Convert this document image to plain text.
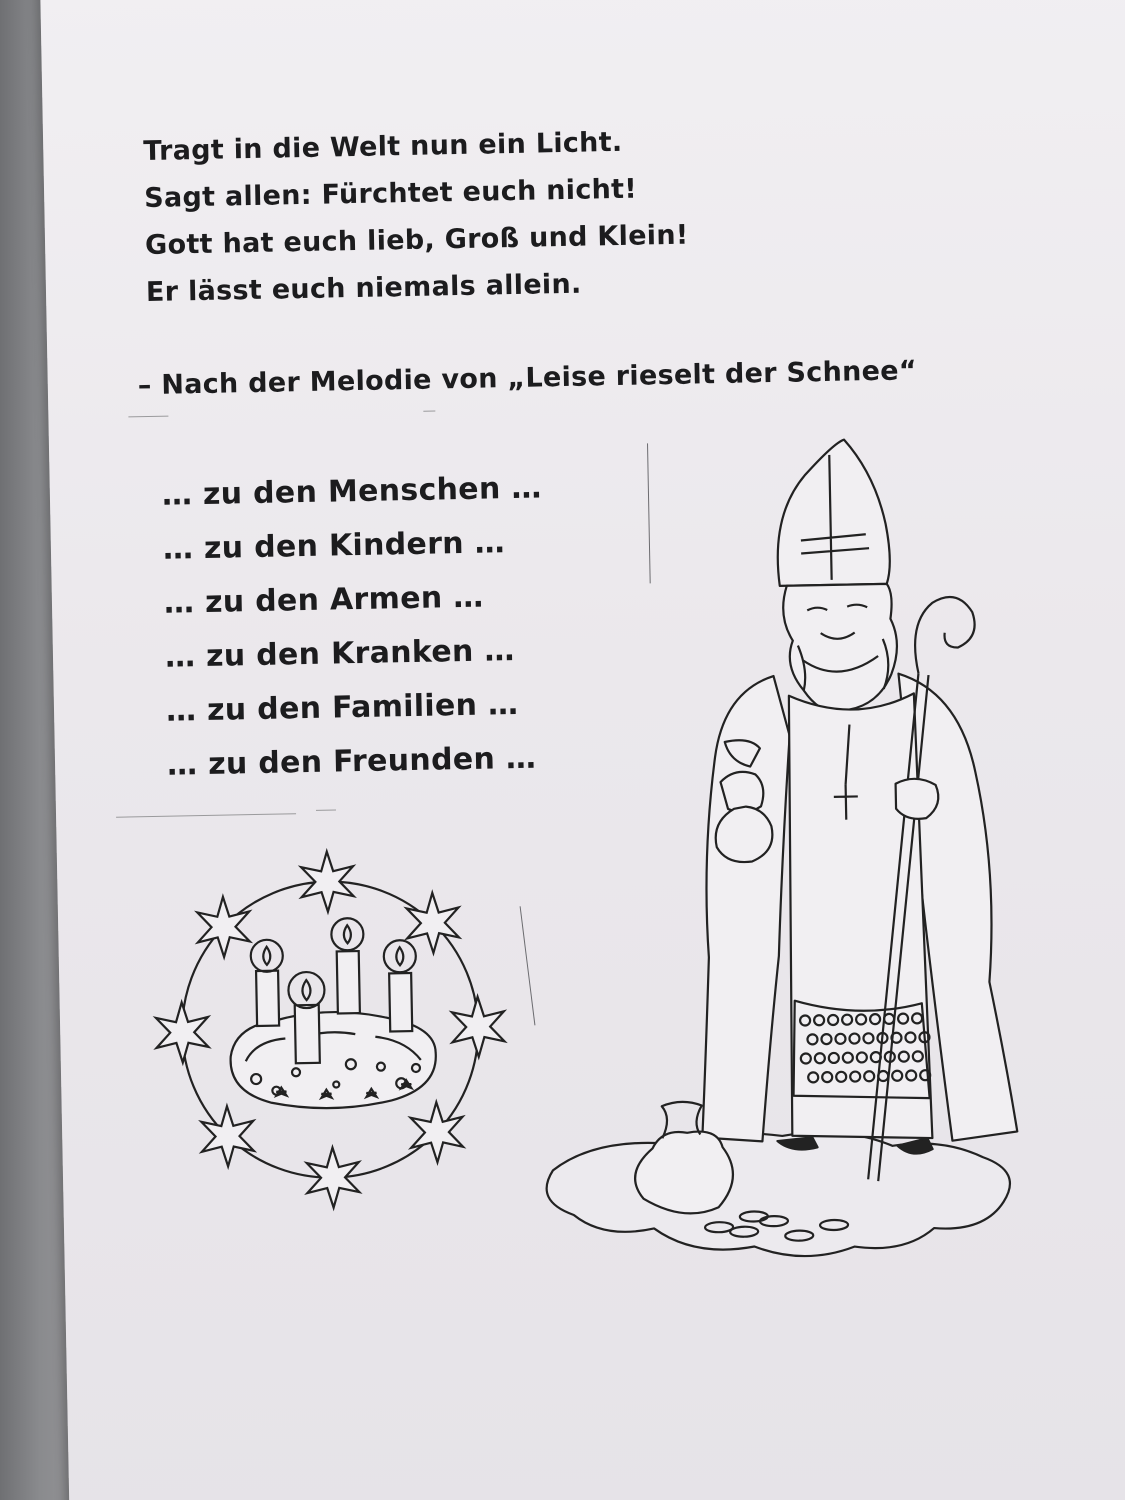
Tragt in die Welt nun ein Licht.
Sagt allen: Fürchtet euch nicht!
Gott hat euch lieb, Groß und Klein!
Er lässt euch niemals allein.
– Nach der Melodie von „Leise rieselt der Schnee“
… zu den Menschen …
… zu den Kindern …
… zu den Armen …
… zu den Kranken …
… zu den Familien …
… zu den Freunden …
